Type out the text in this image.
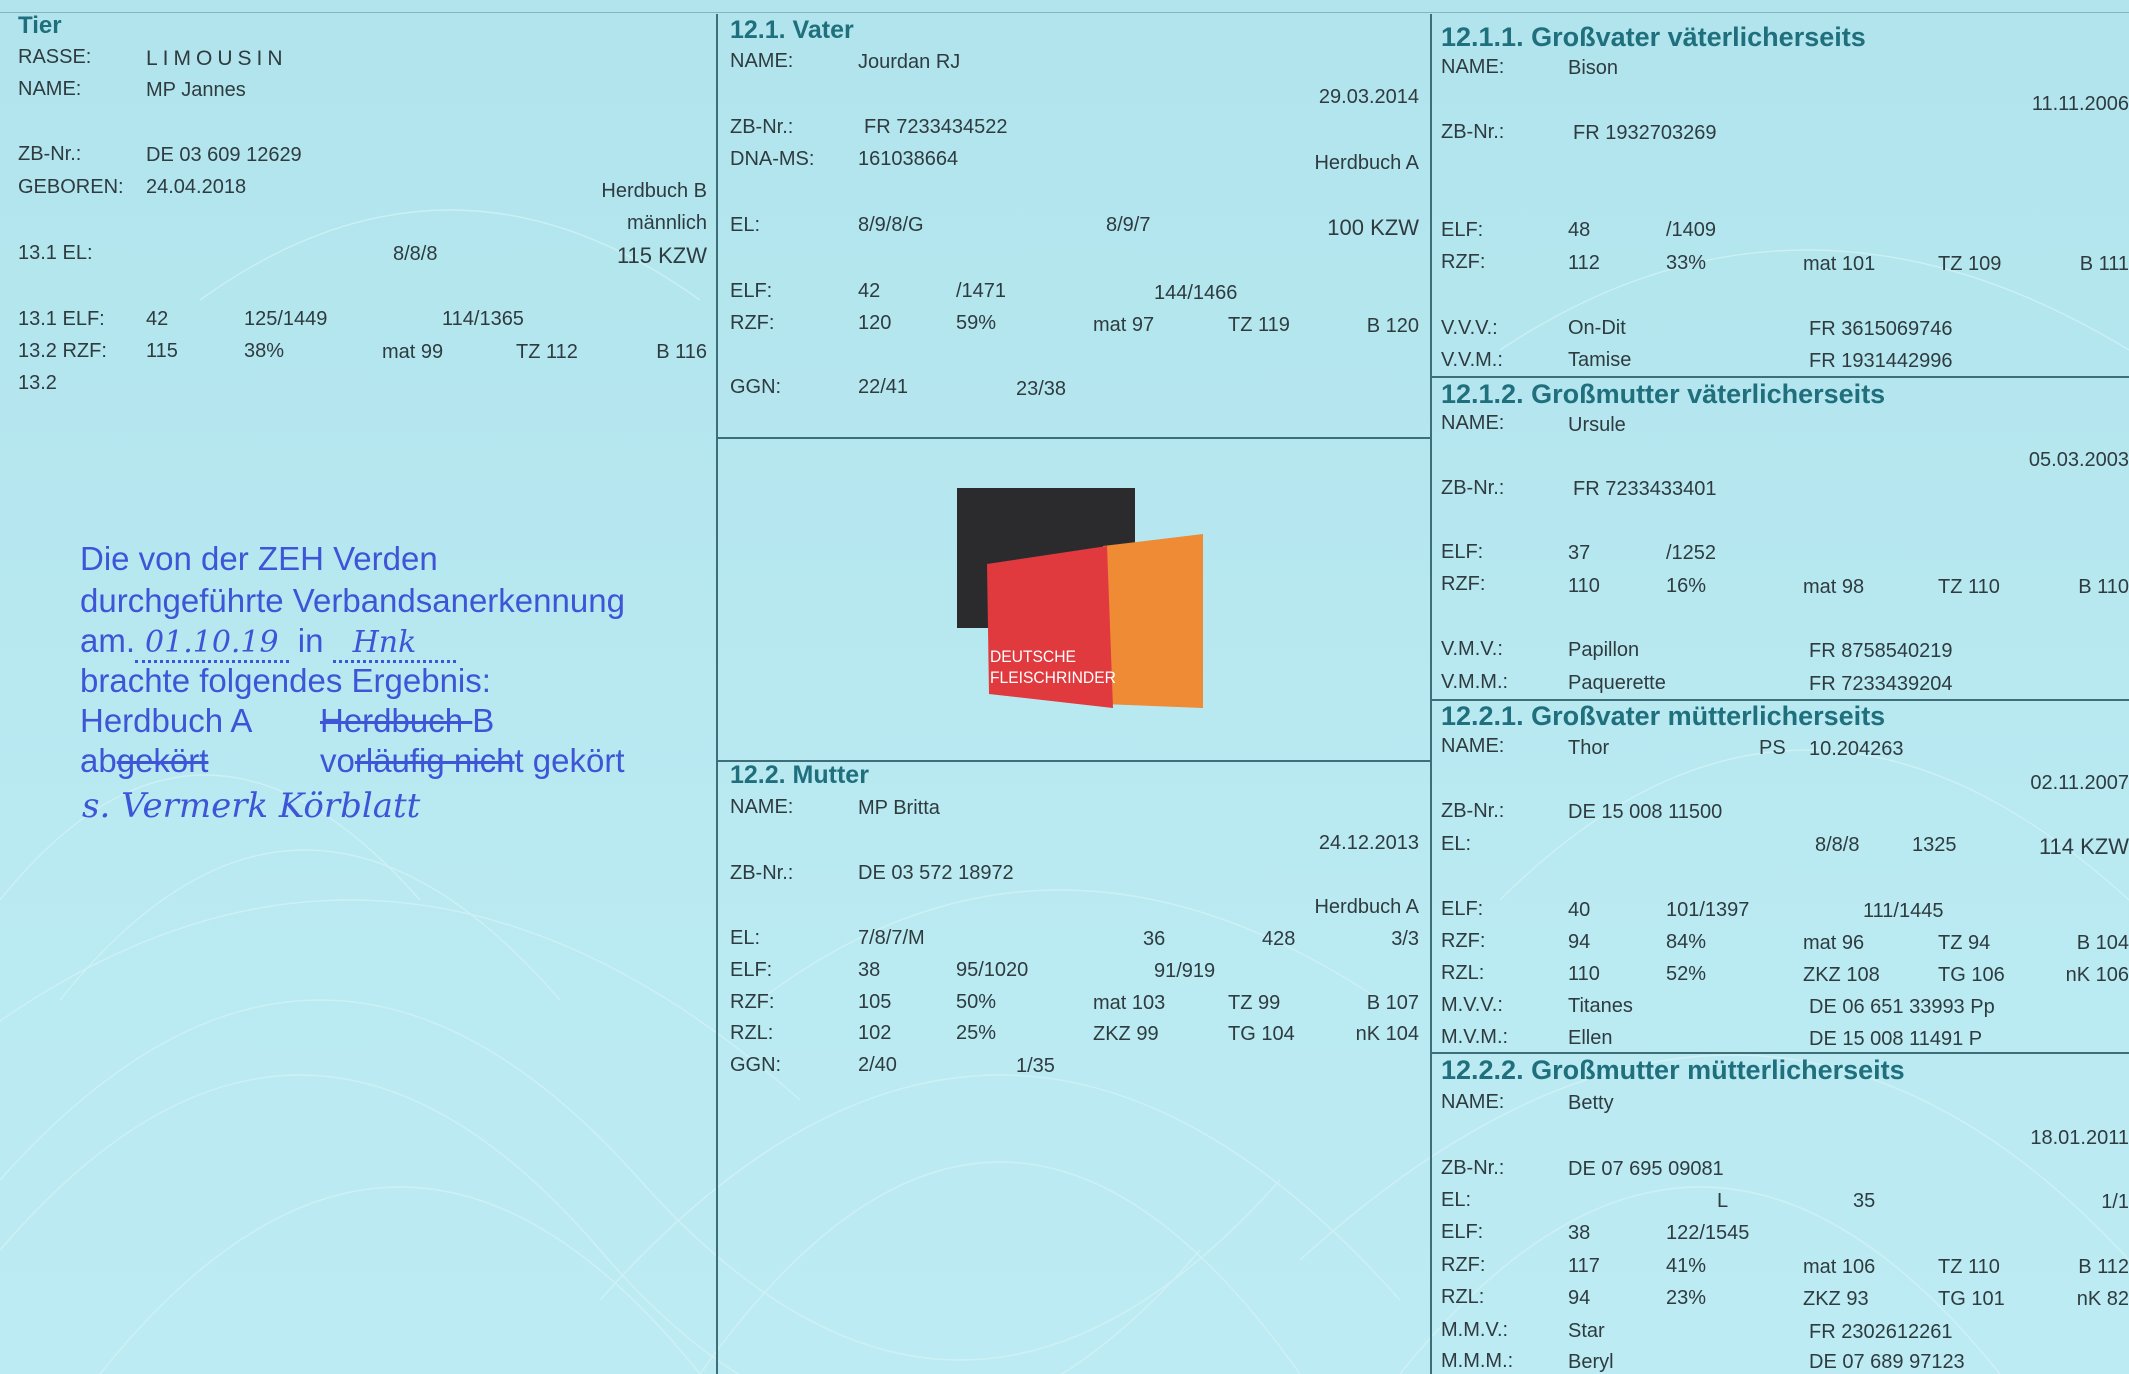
Tier
RASSE:	LIMOUSIN
NAME:	MP Jannes
ZB-Nr.:	DE 03 609 12629
GEBOREN: 24.04.2018	Herdbuch B
männlich
13.1 EL:	8/8/8	115 KZW
13.1 ELF: 42	125/1449	114/1365
13.2 RZF: 115	38%	mat 99	TZ 112	B 116
13.2
Die von der ZEH Verden
durchgeführte Verbandsanerkennung
am. 01.10.19 in Hnk
brachte folgendes Ergebnis:
Herdbuch A Herdbuch B
abgekört	vorläufig nicht gekört
s. Vermerk Körblatt
12.1. Vater
NAME:	Jourdan RJ
29.03.2014
ZB-Nr.:	FR 7233434522
DNA-MS: 161038664	Herdbuch A
EL:	8/9/8/G	8/9/7	100 KZW
ELF:	42	/1471	144/1466
RZF:	120	59%	mat 97	TZ 119	B 120
GGN:	22/41	23/38
DEUTSCHE
FLEISCHRINDER
12.2. Mutter
NAME:	MP Britta
24.12.2013
ZB-Nr.:	DE 03 572 18972
Herdbuch A
EL:	7/8/7/M	36	428	3/3
ELF:	38	95/1020	91/919
RZF:	105	50%	mat 103	TZ 99	B 107
RZL:	102	25%	ZKZ 99	TG 104	nK 104
GGN:	2/40	1/35
12.1.1. Großvater väterlicherseits
NAME:	Bison
11.11.2006
ZB-Nr.:	FR 1932703269
ELF:	48	/1409
RZF:	112	33%	mat 101	TZ 109	B 111
V.V.V.:	On-Dit	FR 3615069746
V.V.M.:	Tamise	FR 1931442996
12.1.2. Großmutter väterlicherseits
NAME:	Ursule
05.03.2003
ZB-Nr.:	FR 7233433401
ELF:	37	/1252
RZF:	110	16%	mat 98	TZ 110	B 110
V.M.V.:	Papillon	FR 8758540219
V.M.M.:	Paquerette	FR 7233439204
12.2.1. Großvater mütterlicherseits
NAME:	Thor	PS 10.204263
02.11.2007
ZB-Nr.:	DE 15 008 11500
EL:	8/8/8	1325	114 KZW
ELF:	40	101/1397	111/1445
RZF:	94	84%	mat 96	TZ 94	B 104
RZL:	110	52%	ZKZ 108	TG 106	nK 106
M.V.V.:	Titanes	DE 06 651 33993 Pp
M.V.M.:	Ellen	DE 15 008 11491 P
12.2.2. Großmutter mütterlicherseits
NAME:	Betty
18.01.2011
ZB-Nr.:	DE 07 695 09081
EL:	L	35	1/1
ELF:	38	122/1545
RZF:	117	41%	mat 106	TZ 110	B 112
RZL:	94	23%	ZKZ 93	TG 101	nK 82
M.M.V.:	Star	FR 2302612261
M.M.M.:	Beryl	DE 07 689 97123
